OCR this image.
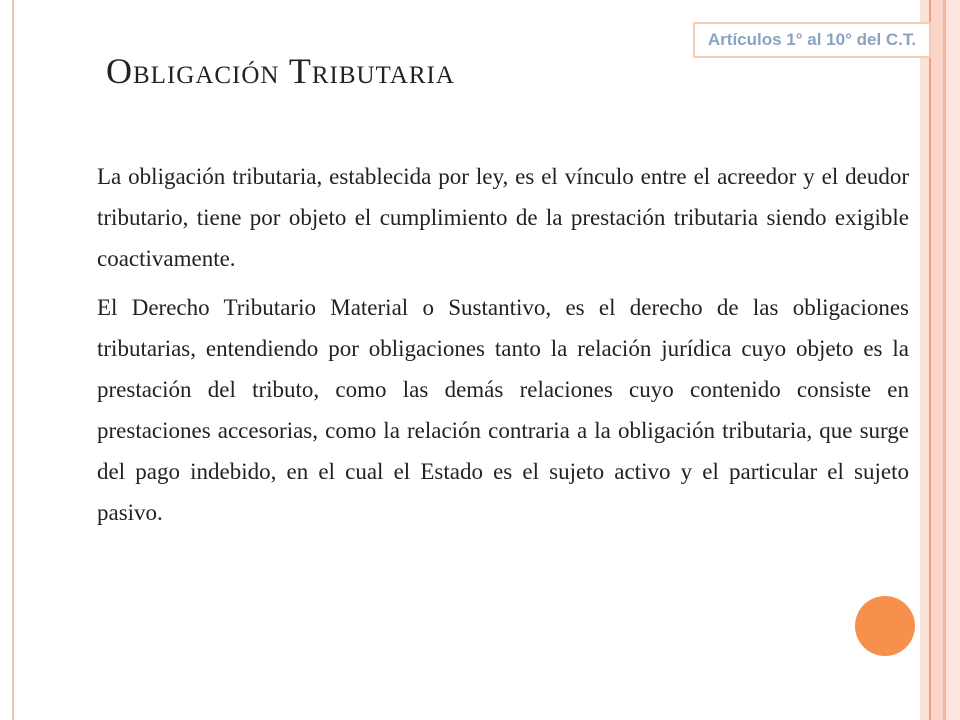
Artículos 1° al 10° del C.T.
Obligación Tributaria

La obligación tributaria, establecida por ley, es el vínculo entre el acreedor y el deudor tributario, tiene por objeto el cumplimiento de la prestación tributaria siendo exigible coactivamente.

El Derecho Tributario Material o Sustantivo, es el derecho de las obligaciones tributarias, entendiendo por obligaciones tanto la relación jurídica cuyo objeto es la prestación del tributo, como las demás relaciones cuyo contenido consiste en prestaciones accesorias, como la relación contraria a la obligación tributaria, que surge del pago indebido, en el cual el Estado es el sujeto activo y el particular el sujeto pasivo.
